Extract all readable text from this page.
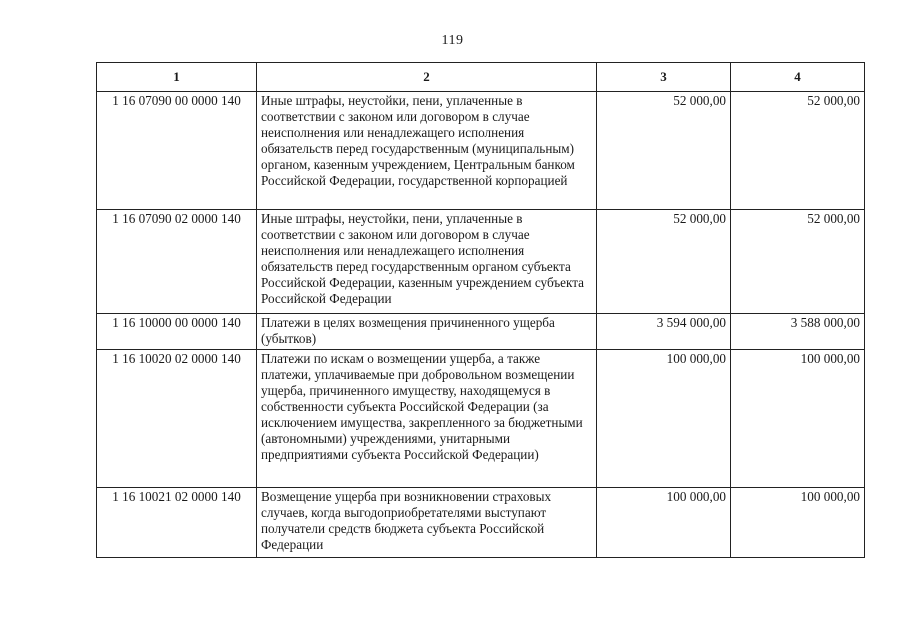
119
1	2	3	4
1 16 07090 00 0000 140	Иные штрафы, неустойки, пени, уплаченные в соответствии с законом или договором в случае неисполнения или ненадлежащего исполнения обязательств перед государственным (муниципальным) органом, казенным учреждением, Центральным банком Российской Федерации, государственной корпорацией	52 000,00	52 000,00
1 16 07090 02 0000 140	Иные штрафы, неустойки, пени, уплаченные в соответствии с законом или договором в случае неисполнения или ненадлежащего исполнения обязательств перед государственным органом субъекта Российской Федерации, казенным учреждением субъекта Российской Федерации	52 000,00	52 000,00
1 16 10000 00 0000 140	Платежи в целях возмещения причиненного ущерба (убытков)	3 594 000,00	3 588 000,00
1 16 10020 02 0000 140	Платежи по искам о возмещении ущерба, а также платежи, уплачиваемые при добровольном возмещении ущерба, причиненного имуществу, находящемуся в собственности субъекта Российской Федерации (за исключением имущества, закрепленного за бюджетными (автономными) учреждениями, унитарными предприятиями субъекта Российской Федерации)	100 000,00	100 000,00
1 16 10021 02 0000 140	Возмещение ущерба при возникновении страховых случаев, когда выгодоприобретателями выступают получатели средств бюджета субъекта Российской Федерации	100 000,00	100 000,00
